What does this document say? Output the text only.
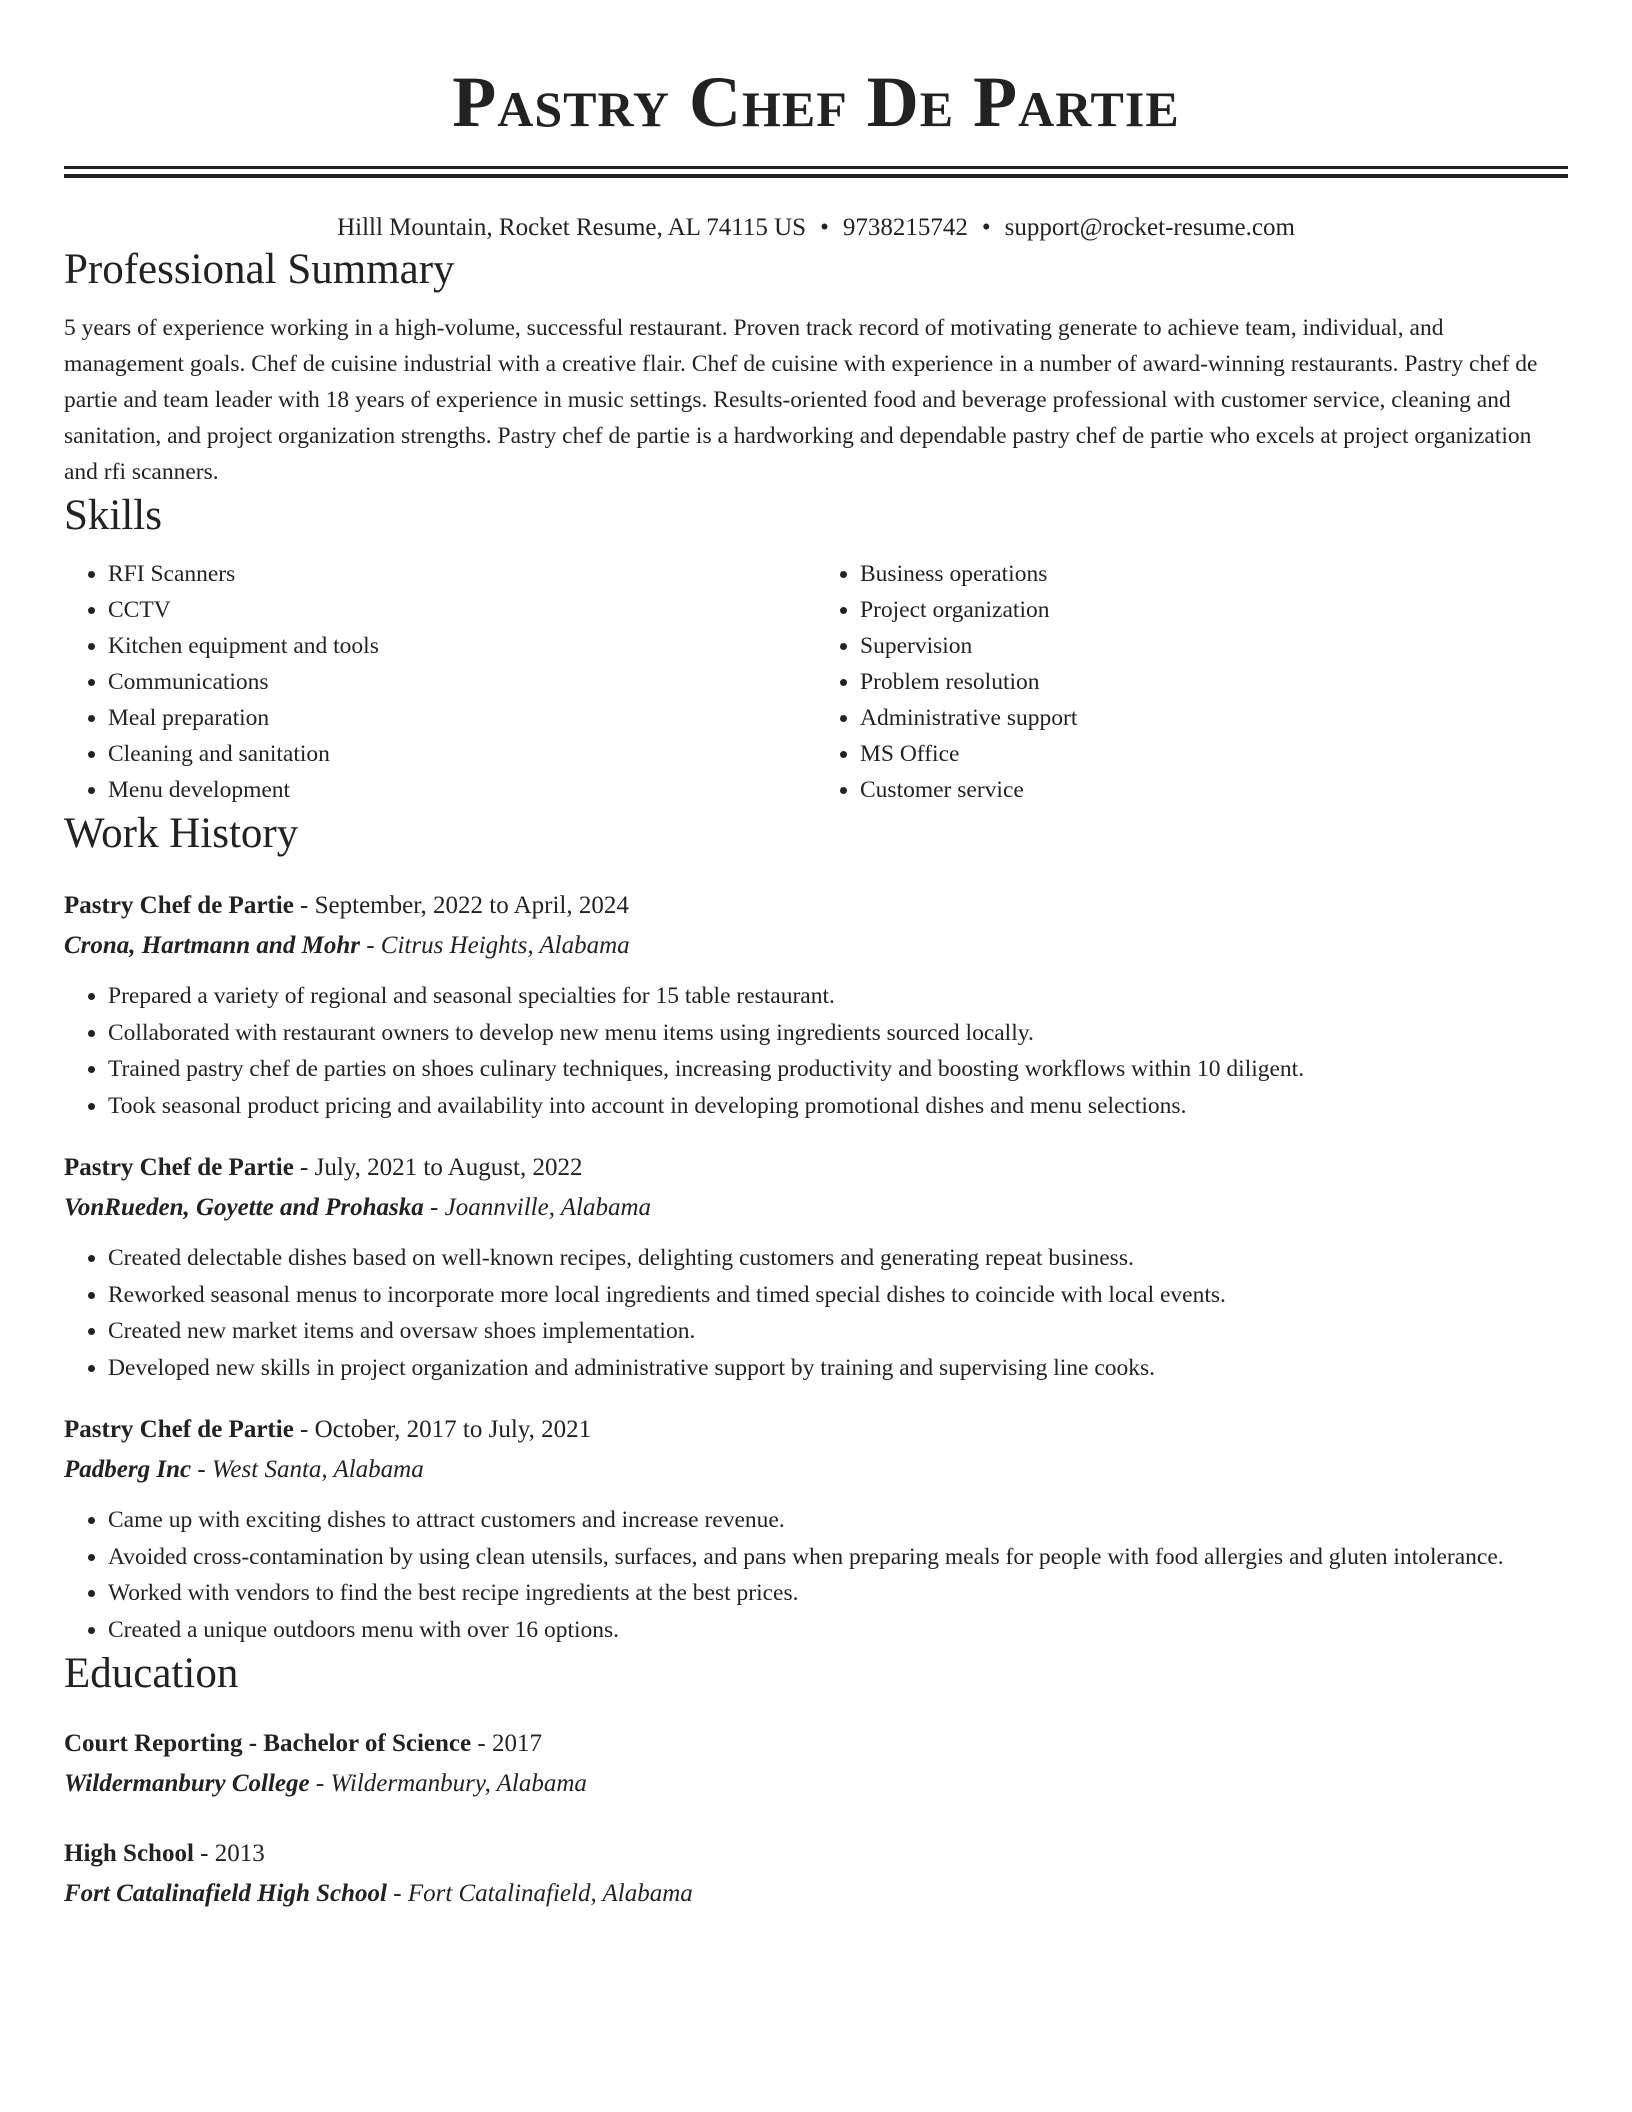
Pastry Chef De Partie
Hilll Mountain, Rocket Resume, AL 74115 US • 9738215742 • support@rocket-resume.com
Professional Summary

5 years of experience working in a high-volume, successful restaurant. Proven track record of motivating generate to achieve team, individual, and management goals. Chef de cuisine industrial with a creative flair. Chef de cuisine with experience in a number of award-winning restaurants. Pastry chef de partie and team leader with 18 years of experience in music settings. Results-oriented food and beverage professional with customer service, cleaning and sanitation, and project organization strengths. Pastry chef de partie is a hardworking and dependable pastry chef de partie who excels at project organization and rfi scanners.

Skills
• RFI Scanners
• CCTV
• Kitchen equipment and tools
• Communications
• Meal preparation
• Cleaning and sanitation
• Menu development
• Business operations
• Project organization
• Supervision
• Problem resolution
• Administrative support
• MS Office
• Customer service
Work History
Pastry Chef de Partie - September, 2022 to April, 2024
Crona, Hartmann and Mohr - Citrus Heights, Alabama
• Prepared a variety of regional and seasonal specialties for 15 table restaurant.
• Collaborated with restaurant owners to develop new menu items using ingredients sourced locally.
• Trained pastry chef de parties on shoes culinary techniques, increasing productivity and boosting workflows within 10 diligent.
• Took seasonal product pricing and availability into account in developing promotional dishes and menu selections.
Pastry Chef de Partie - July, 2021 to August, 2022
VonRueden, Goyette and Prohaska - Joannville, Alabama
• Created delectable dishes based on well-known recipes, delighting customers and generating repeat business.
• Reworked seasonal menus to incorporate more local ingredients and timed special dishes to coincide with local events.
• Created new market items and oversaw shoes implementation.
• Developed new skills in project organization and administrative support by training and supervising line cooks.
Pastry Chef de Partie - October, 2017 to July, 2021
Padberg Inc - West Santa, Alabama
• Came up with exciting dishes to attract customers and increase revenue.
• Avoided cross-contamination by using clean utensils, surfaces, and pans when preparing meals for people with food allergies and gluten intolerance.
• Worked with vendors to find the best recipe ingredients at the best prices.
• Created a unique outdoors menu with over 16 options.
Education
Court Reporting - Bachelor of Science - 2017
Wildermanbury College - Wildermanbury, Alabama
High School - 2013
Fort Catalinafield High School - Fort Catalinafield, Alabama
